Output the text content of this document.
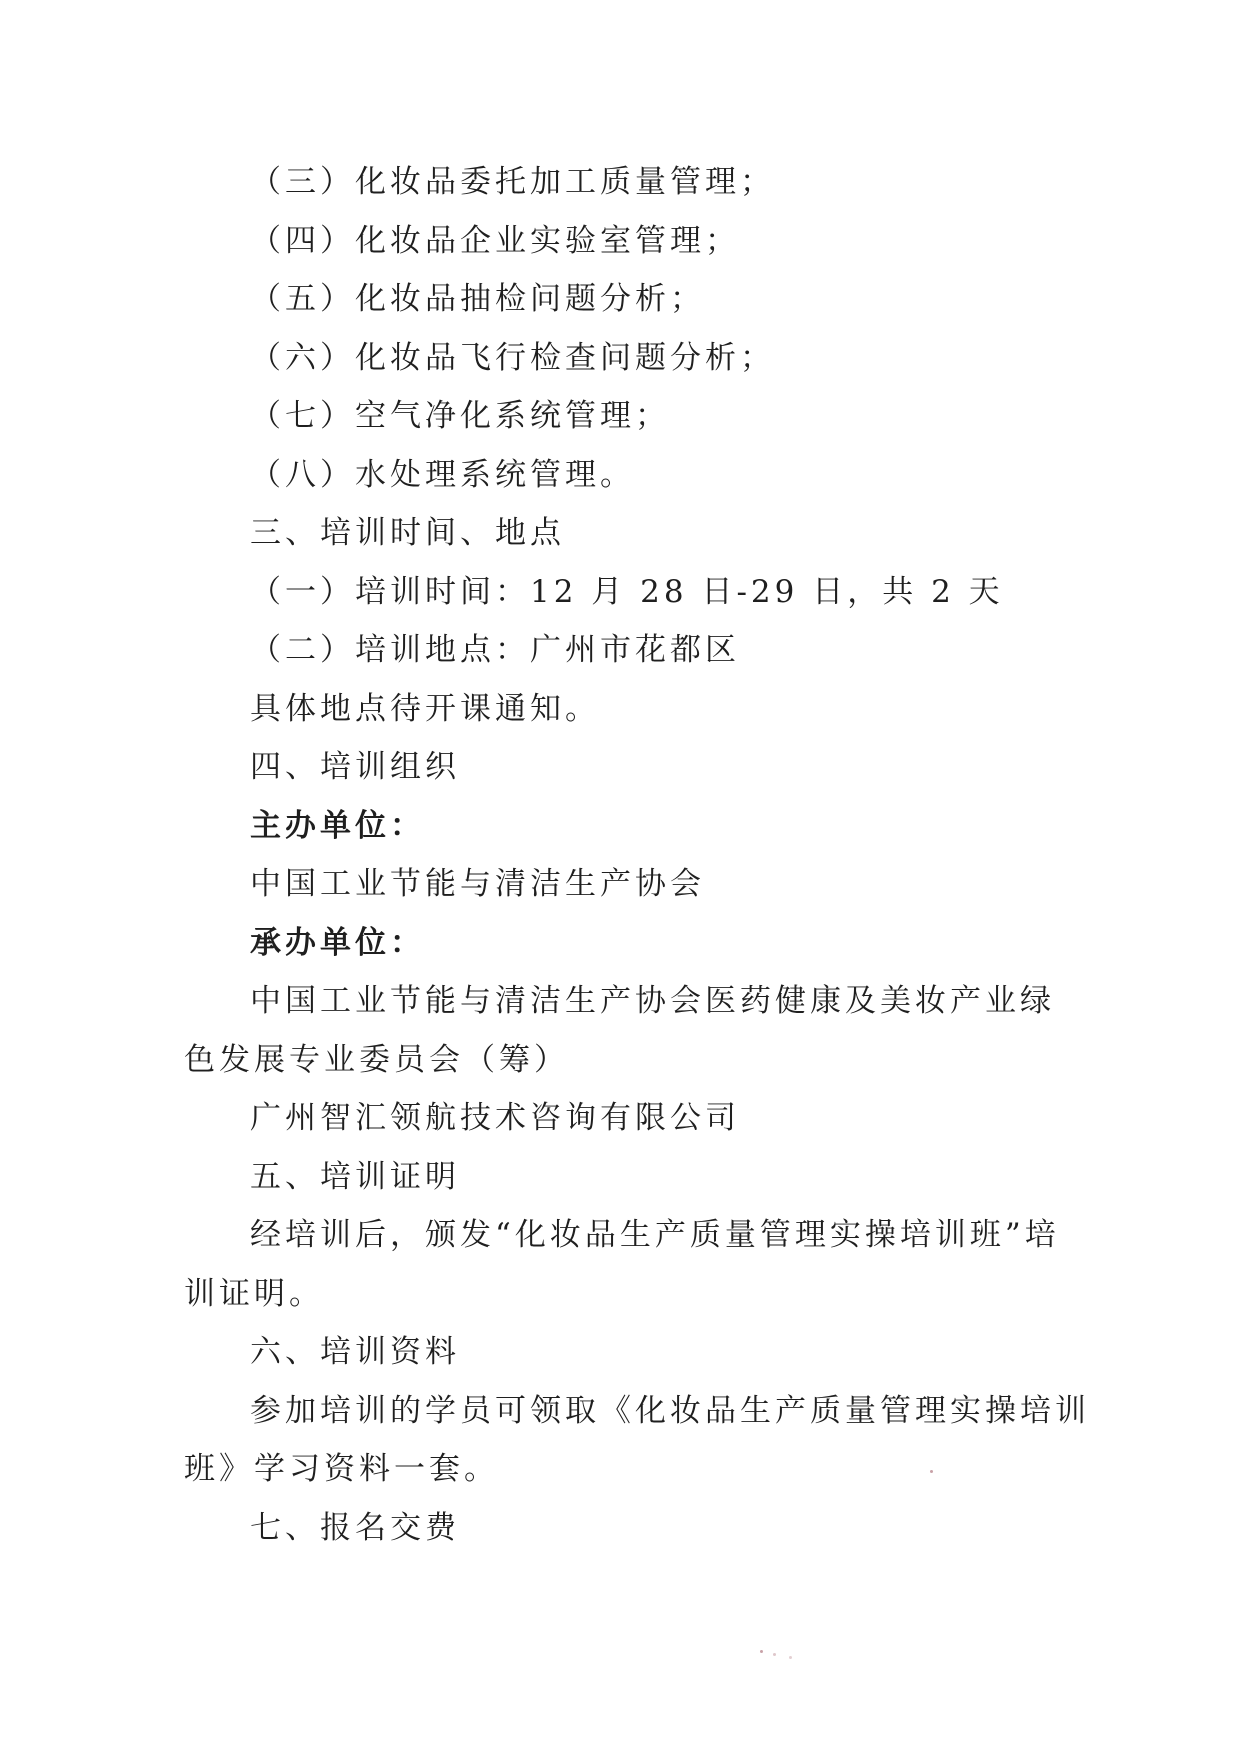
（三）化妆品委托加工质量管理；
（四）化妆品企业实验室管理；
（五）化妆品抽检问题分析；
（六）化妆品飞行检查问题分析；
（七）空气净化系统管理；
（八）水处理系统管理。
三、培训时间、地点
（一）培训时间：12 月 28 日-29 日，共 2 天
（二）培训地点：广州市花都区
具体地点待开课通知。
四、培训组织
主办单位：
中国工业节能与清洁生产协会
承办单位：
中国工业节能与清洁生产协会医药健康及美妆产业绿
色发展专业委员会（筹）
广州智汇领航技术咨询有限公司
五、培训证明
经培训后，颁发“化妆品生产质量管理实操培训班”培
训证明。
六、培训资料
参加培训的学员可领取《化妆品生产质量管理实操培训
班》学习资料一套。
七、报名交费
